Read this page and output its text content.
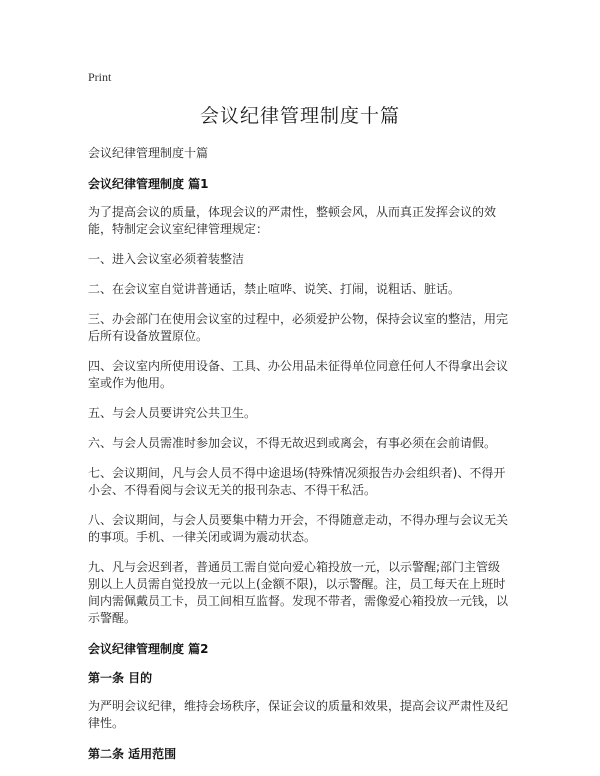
Print
会议纪律管理制度十篇
会议纪律管理制度十篇
会议纪律管理制度 篇1
为了提高会议的质量，体现会议的严肃性，整顿会风，从而真正发挥会议的效能，特制定会议室纪律管理规定：
一、进入会议室必须着装整洁
二、在会议室自觉讲普通话，禁止喧哗、说笑、打闹，说粗话、脏话。
三、办会部门在使用会议室的过程中，必须爱护公物，保持会议室的整洁，用完后所有设备放置原位。
四、会议室内所使用设备、工具、办公用品未征得单位同意任何人不得拿出会议室或作为他用。
五、与会人员要讲究公共卫生。
六、与会人员需准时参加会议，不得无故迟到或离会，有事必须在会前请假。
七、会议期间，凡与会人员不得中途退场(特殊情况须报告办会组织者)、不得开小会、不得看阅与会议无关的报刊杂志、不得干私活。
八、会议期间，与会人员要集中精力开会，不得随意走动，不得办理与会议无关的事项。手机、一律关闭或调为震动状态。
九、凡与会迟到者，普通员工需自觉向爱心箱投放一元，以示警醒;部门主管级别以上人员需自觉投放一元以上(金额不限)，以示警醒。注，员工每天在上班时间内需佩戴员工卡，员工间相互监督。发现不带者，需像爱心箱投放一元钱，以示警醒。
会议纪律管理制度 篇2
第一条 目的
为严明会议纪律，维持会场秩序，保证会议的质量和效果，提高会议严肃性及纪律性。
第二条 适用范围
